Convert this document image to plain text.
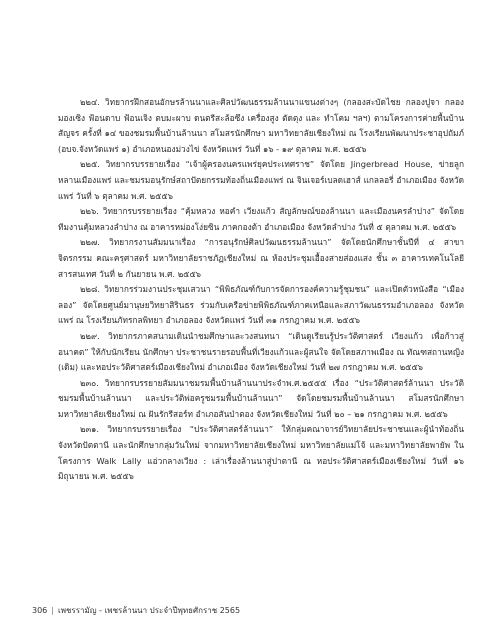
๒๒๔. วิทยากรฝึกสอนอักษรล้านนาและศิลปวัฒนธรรมล้านนาแขนงต่างๆ (กลองสะบัดไชย กลองปูจา กลองมองเซิง ฟ้อนดาบ ฟ้อนเจิง ตบมะผาบ ดนตรีสะล้อซึง เครื่องสูง ตัดตุง และ ทำโคม ฯลฯ) ตามโครงการค่ายพื้นบ้านสัญจร ครั้งที่ ๑๔ ของชมรมพื้นบ้านล้านนา สโมสรนักศึกษา มหาวิทยาลัยเชียงใหม่ ณ โรงเรียนพัฒนาประชาอุปถัมภ์ (อบจ.จังหวัดแพร่ ๑) อำเภอหนองม่วงไข่ จังหวัดแพร่ วันที่ ๑๖ - ๑๙ ตุลาคม พ.ศ. ๒๕๕๖

๒๒๕. วิทยากรบรรยายเรื่อง “เจ้าผู้ครองนครแพร่ยุคประเทศราช” จัดโดย Jingerbread House, ข่ายลูกหลานเมืองแพร่ และชมรมอนุรักษ์สถาปัตยกรรมท้องถิ่นเมืองแพร่ ณ จินเจอร์เบลดเฮาส์ แกลลอรี่ อำเภอเมือง จังหวัดแพร่ วันที่ ๖ ตุลาคม พ.ศ. ๒๕๕๖

๒๒๖. วิทยากรบรรยายเรื่อง “คุ้มหลวง หอคำ เวียงแก้ว สัญลักษณ์ของล้านนา และเมืองนครลำปาง” จัดโดยทีมงานคุ้มหลวงลำปาง ณ อาคารหม่องโง่ยซิน ภาคกองต้า อำเภอเมือง จังหวัดลำปาง วันที่ ๕ ตุลาคม พ.ศ. ๒๕๕๖

๒๒๗. วิทยากรงานสัมมนาเรื่อง “การอนุรักษ์ศิลปวัฒนธรรมล้านนา” จัดโดยนักศึกษาชั้นปีที่ ๔ สาขาจิตรกรรม คณะครุศาสตร์ มหาวิทยาลัยราชภัฏเชียงใหม่ ณ ห้องประชุมเอื้องสายส่องแสง ชั้น ๓ อาคารเทคโนโลยีสารสนเทศ วันที่ ๒ กันยายน พ.ศ. ๒๕๕๖

๒๒๘. วิทยากรร่วมงานประชุมเสวนา “พิพิธภัณฑ์กับการจัดการองค์ความรู้ชุมชน” และเปิดตัวหนังสือ “เมืองลอง” จัดโดยศูนย์มานุษยวิทยาสิรินธร ร่วมกับเครือข่ายพิพิธภัณฑ์ภาคเหนือและสภาวัฒนธรรมอำเภอลอง จังหวัดแพร่ ณ โรงเรียนภัทรกลพิทยา อำเภอลอง จังหวัดแพร่ วันที่ ๓๑ กรกฎาคม พ.ศ. ๒๕๕๖

๒๒๙. วิทยากรภาคสนามเดินนำชมศึกษาและวงสนทนา “เดินดูเรียนรู้ประวัติศาสตร์ เวียงแก้ว เพื่อก้าวสู่อนาคต” ให้กับนักเรียน นักศึกษา ประชาชนรายรอบพื้นที่เวียงแก้วและผู้สนใจ จัดโดยสภาพเมือง ณ ทัณฑสถานหญิง (เดิม) และหอประวัติศาสตร์เมืองเชียงใหม่ อำเภอเมือง จังหวัดเชียงใหม่ วันที่ ๒๗ กรกฎาคม พ.ศ. ๒๕๕๖

๒๓๐. วิทยากรบรรยายสัมมนาชมรมพื้นบ้านล้านนาประจำพ.ศ.๒๕๕๕ เรื่อง “ประวัติศาสตร์ล้านนา ประวัติชมรมพื้นบ้านล้านนา และประวัติพ่อครูชมรมพื้นบ้านล้านนา” จัดโดยชมรมพื้นบ้านล้านนา สโมสรนักศึกษา มหาวิทยาลัยเชียงใหม่ ณ ฝันรักรีสอร์ท อำเภอสันป่าตอง จังหวัดเชียงใหม่ วันที่ ๒๐ – ๒๑ กรกฎาคม พ.ศ. ๒๕๕๖

๒๓๑. วิทยากรบรรยายเรื่อง “ประวัติศาสตร์ล้านนา” ให้กลุ่มคณาจารย์วิทยาลัยประชาชนและผู้นำท้องถิ่น จังหวัดปัตตานี และนักศึกษากลุ่มวันใหม่ จากมหาวิทยาลัยเชียงใหม่ มหาวิทยาลัยแม่โจ้ และมหาวิทยาลัยพายัพ ในโครงการ Walk Lally แอ่วกลางเวียง : เล่าเรื่องล้านนาสู่ปาตานี ณ หอประวัติศาสตร์เมืองเชียงใหม่ วันที่ ๑๖ มิถุนายน พ.ศ. ๒๕๕๖

306 | เพชรรามัญ - เพชรล้านนา ประจำปีพุทธศักราช 2565
